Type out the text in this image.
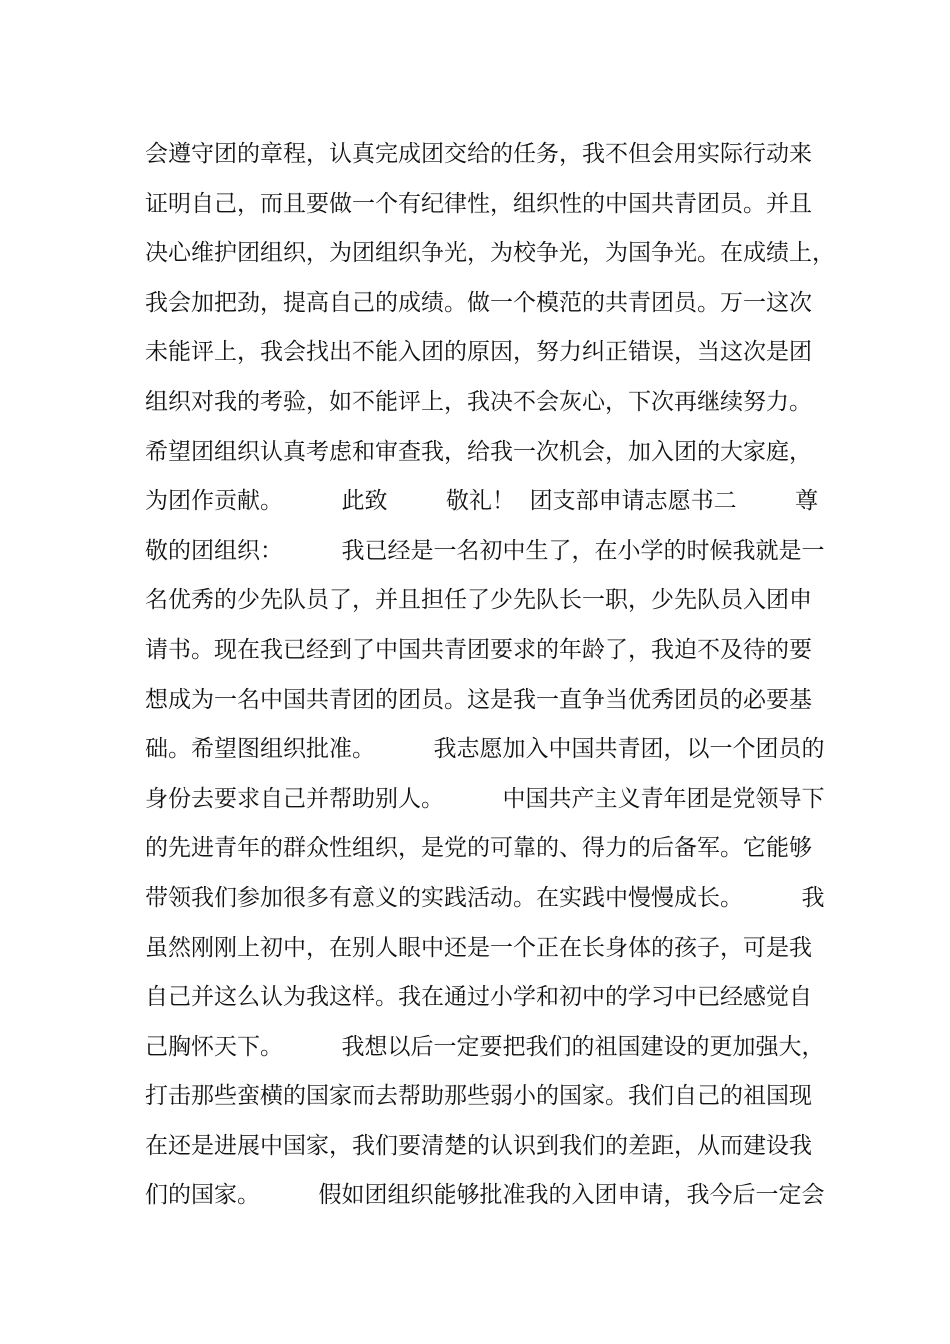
会遵守团的章程，认真完成团交给的任务，我不但会用实际行动来
证明自己，而且要做一个有纪律性，组织性的中国共青团员。并且
决心维护团组织，为团组织争光，为校争光，为国争光。在成绩上，
我会加把劲，提高自己的成绩。做一个模范的共青团员。万一这次
未能评上，我会找出不能入团的原因，努力纠正错误，当这次是团
组织对我的考验，如不能评上，我决不会灰心，下次再继续努力。
希望团组织认真考虑和审查我，给我一次机会，加入团的大家庭，
为团作贡献。        此致        敬礼！  团支部申请志愿书二        尊
敬的团组织：        我已经是一名初中生了，在小学的时候我就是一
名优秀的少先队员了，并且担任了少先队长一职，少先队员入团申
请书。现在我已经到了中国共青团要求的年龄了，我迫不及待的要
想成为一名中国共青团的团员。这是我一直争当优秀团员的必要基
础。希望图组织批准。        我志愿加入中国共青团，以一个团员的
身份去要求自己并帮助别人。        中国共产主义青年团是党领导下
的先进青年的群众性组织，是党的可靠的、得力的后备军。它能够
带领我们参加很多有意义的实践活动。在实践中慢慢成长。        我
虽然刚刚上初中，在别人眼中还是一个正在长身体的孩子，可是我
自己并这么认为我这样。我在通过小学和初中的学习中已经感觉自
己胸怀天下。        我想以后一定要把我们的祖国建设的更加强大，
打击那些蛮横的国家而去帮助那些弱小的国家。我们自己的祖国现
在还是进展中国家，我们要清楚的认识到我们的差距，从而建设我
们的国家。        假如团组织能够批准我的入团申请，我今后一定会
